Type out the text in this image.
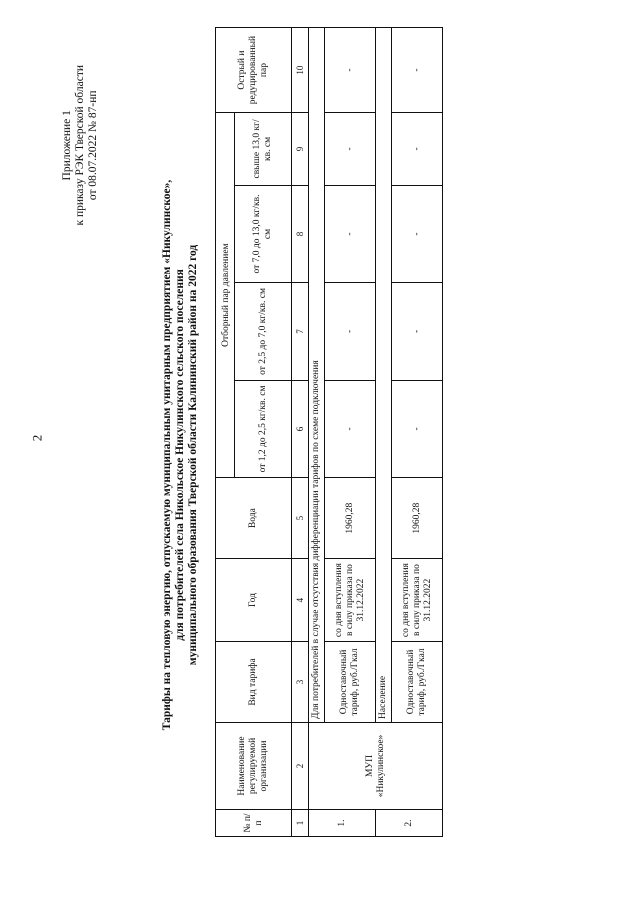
2
Приложение 1 к приказу РЭК Тверской области от 08.07.2022 № 87-нп
Тарифы на тепловую энергию, отпускаемую муниципальным унитарным предприятием «Никулинское», для потребителей села Никольское Никулинского сельского поселения муниципального образования Тверской области Калининский район на 2022 год
№ п/п	Наименование регулируемой организации	Вид тарифа	Год	Вода	Отборный пар давлением				Острый и редуцированный пар
					от 1,2 до 2,5 кг/кв. см	от 2,5 до 7,0 кг/кв. см	от 7,0 до 13,0 кг/кв. см	свыше 13,0 кг/кв. см	
1	2	3	4	5	6	7	8	9	10
1.	МУП «Никулинское»	Для потребителей в случае отсутствия дифференциации тарифов по схеме подключения							
		Одноставочный тариф, руб./Гкал	со дня вступления в силу приказа по 31.12.2022	1960,28	-	-	-	-	-
2.		Население							
		Одноставочный тариф, руб./Гкал	со дня вступления в силу приказа по 31.12.2022	1960,28	-	-	-	-	-
